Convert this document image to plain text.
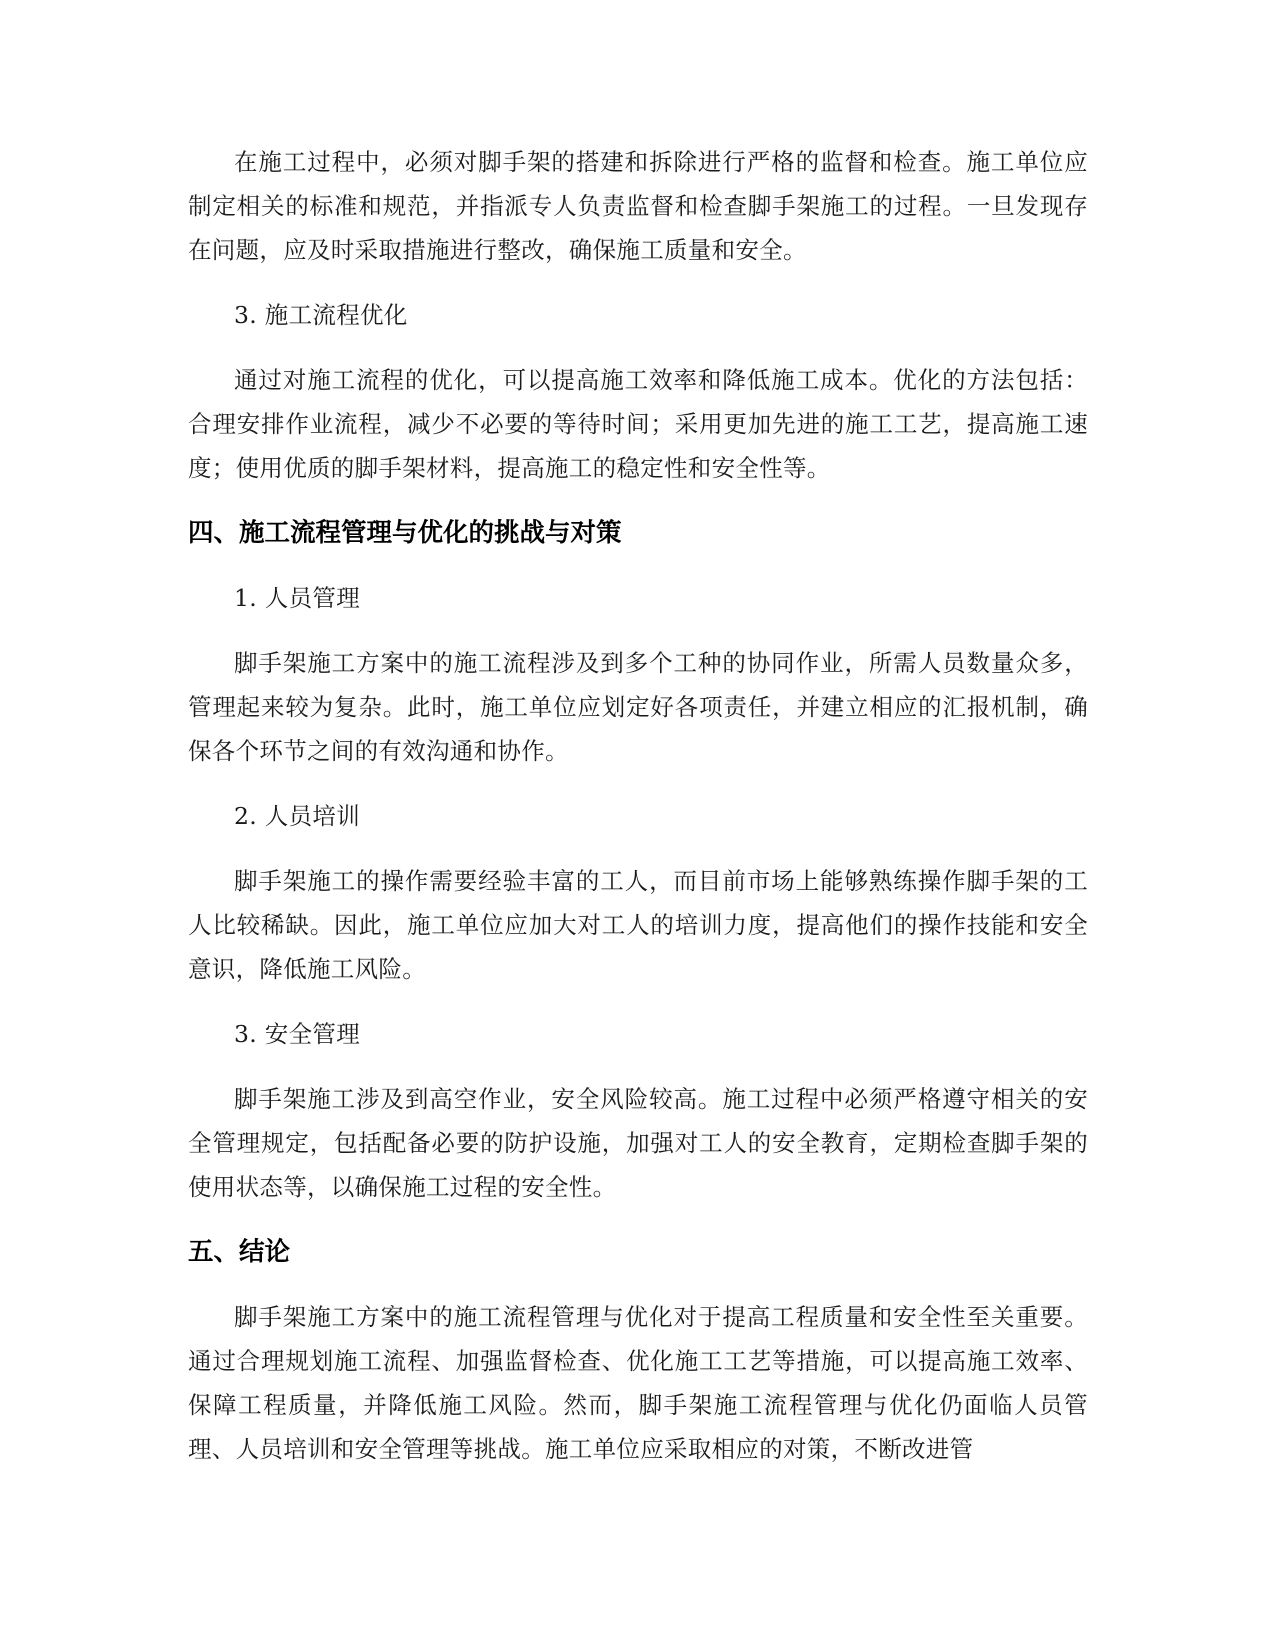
在施工过程中，必须对脚手架的搭建和拆除进行严格的监督和检查。施工单位应制定相关的标准和规范，并指派专人负责监督和检查脚手架施工的过程。一旦发现存在问题，应及时采取措施进行整改，确保施工质量和安全。

3. 施工流程优化

通过对施工流程的优化，可以提高施工效率和降低施工成本。优化的方法包括：合理安排作业流程，减少不必要的等待时间；采用更加先进的施工工艺，提高施工速度；使用优质的脚手架材料，提高施工的稳定性和安全性等。

四、施工流程管理与优化的挑战与对策

1. 人员管理

脚手架施工方案中的施工流程涉及到多个工种的协同作业，所需人员数量众多，管理起来较为复杂。此时，施工单位应划定好各项责任，并建立相应的汇报机制，确保各个环节之间的有效沟通和协作。

2. 人员培训

脚手架施工的操作需要经验丰富的工人，而目前市场上能够熟练操作脚手架的工人比较稀缺。因此，施工单位应加大对工人的培训力度，提高他们的操作技能和安全意识，降低施工风险。

3. 安全管理

脚手架施工涉及到高空作业，安全风险较高。施工过程中必须严格遵守相关的安全管理规定，包括配备必要的防护设施，加强对工人的安全教育，定期检查脚手架的使用状态等，以确保施工过程的安全性。

五、结论

脚手架施工方案中的施工流程管理与优化对于提高工程质量和安全性至关重要。通过合理规划施工流程、加强监督检查、优化施工工艺等措施，可以提高施工效率、保障工程质量，并降低施工风险。然而，脚手架施工流程管理与优化仍面临人员管理、人员培训和安全管理等挑战。施工单位应采取相应的对策，不断改进管
